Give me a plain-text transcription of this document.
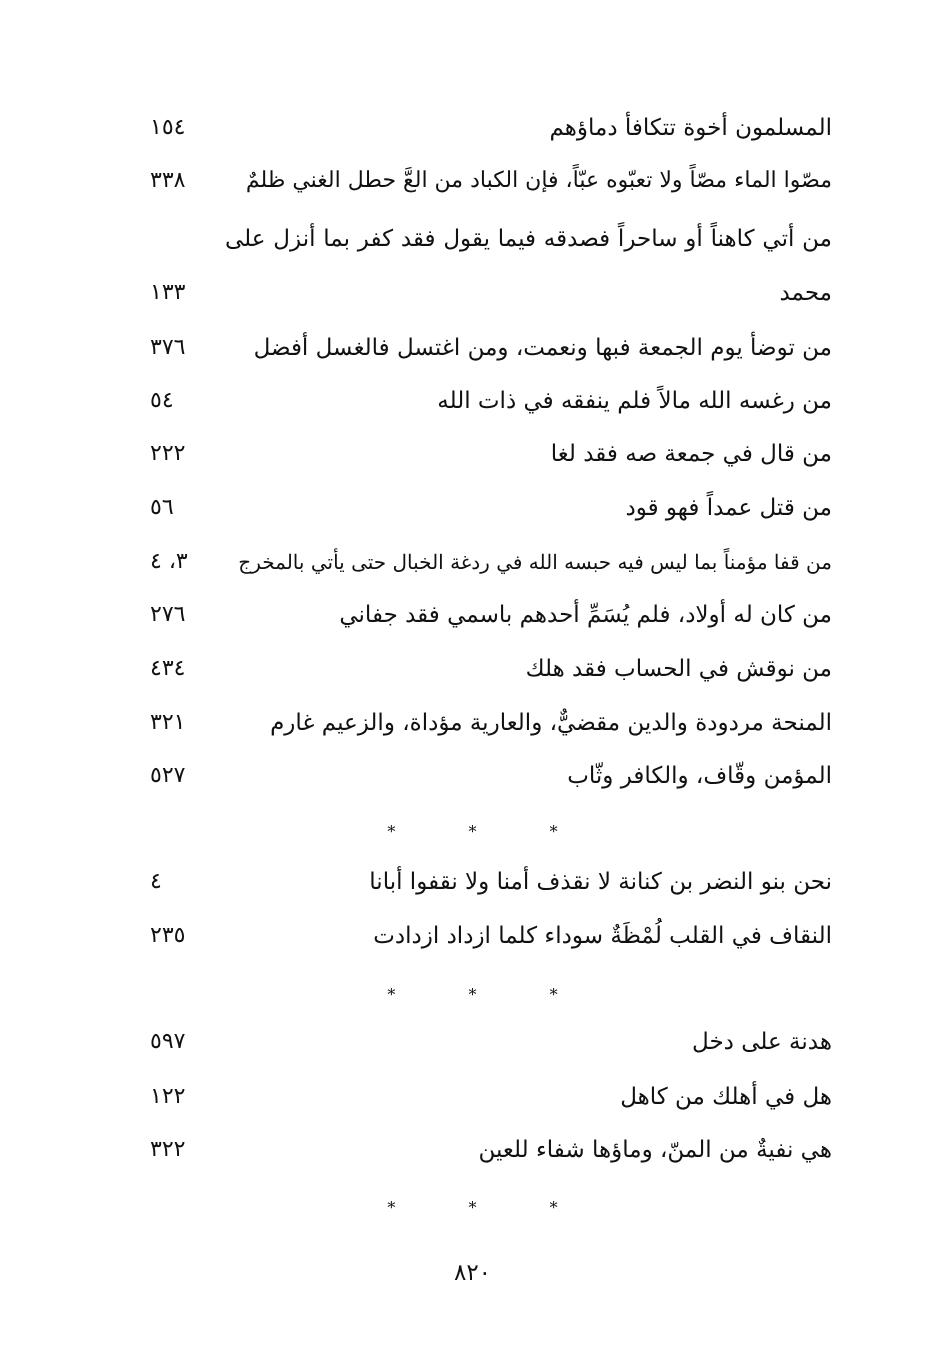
المسلمون أخوة تتكافأ دماؤهم
١٥٤
مصّوا الماء مصّاً ولا تعبّوه عبّاً، فإن الكباد من العَّ حطل الغني ظلمٌ
٣٣٨
من أتي كاهناً أو ساحراً فصدقه فيما يقول فقد كفر بما أنزل على
محمد
١٣٣
من توضأ يوم الجمعة فبها ونعمت، ومن اغتسل فالغسل أفضل
٣٧٦
من رغسه الله مالاً فلم ينفقه في ذات الله
٥٤
من قال في جمعة صه فقد لغا
٢٢٢
من قتل عمداً فهو قود
٥٦
من قفا مؤمناً بما ليس فيه حبسه الله في ردغة الخبال حتى يأتي بالمخرج
٣، ٤
من كان له أولاد، فلم يُسَمِّ أحدهم باسمي فقد جفاني
٢٧٦
من نوقش في الحساب فقد هلك
٤٣٤
المنحة مردودة والدين مقضيٌّ، والعارية مؤداة، والزعيم غارم
٣٢١
المؤمن وقّاف، والكافر وثّاب
٥٢٧
* * *
نحن بنو النضر بن كنانة لا نقذف أمنا ولا نقفوا أبانا
٤
النقاف في القلب لُمْظَةٌ سوداء كلما ازداد ازدادت
٢٣٥
* * *
هدنة على دخل
٥٩٧
هل في أهلك من كاهل
١٢٢
هي نفيةٌ من المنّ، وماؤها شفاء للعين
٣٢٢
* * *
٨٢٠
